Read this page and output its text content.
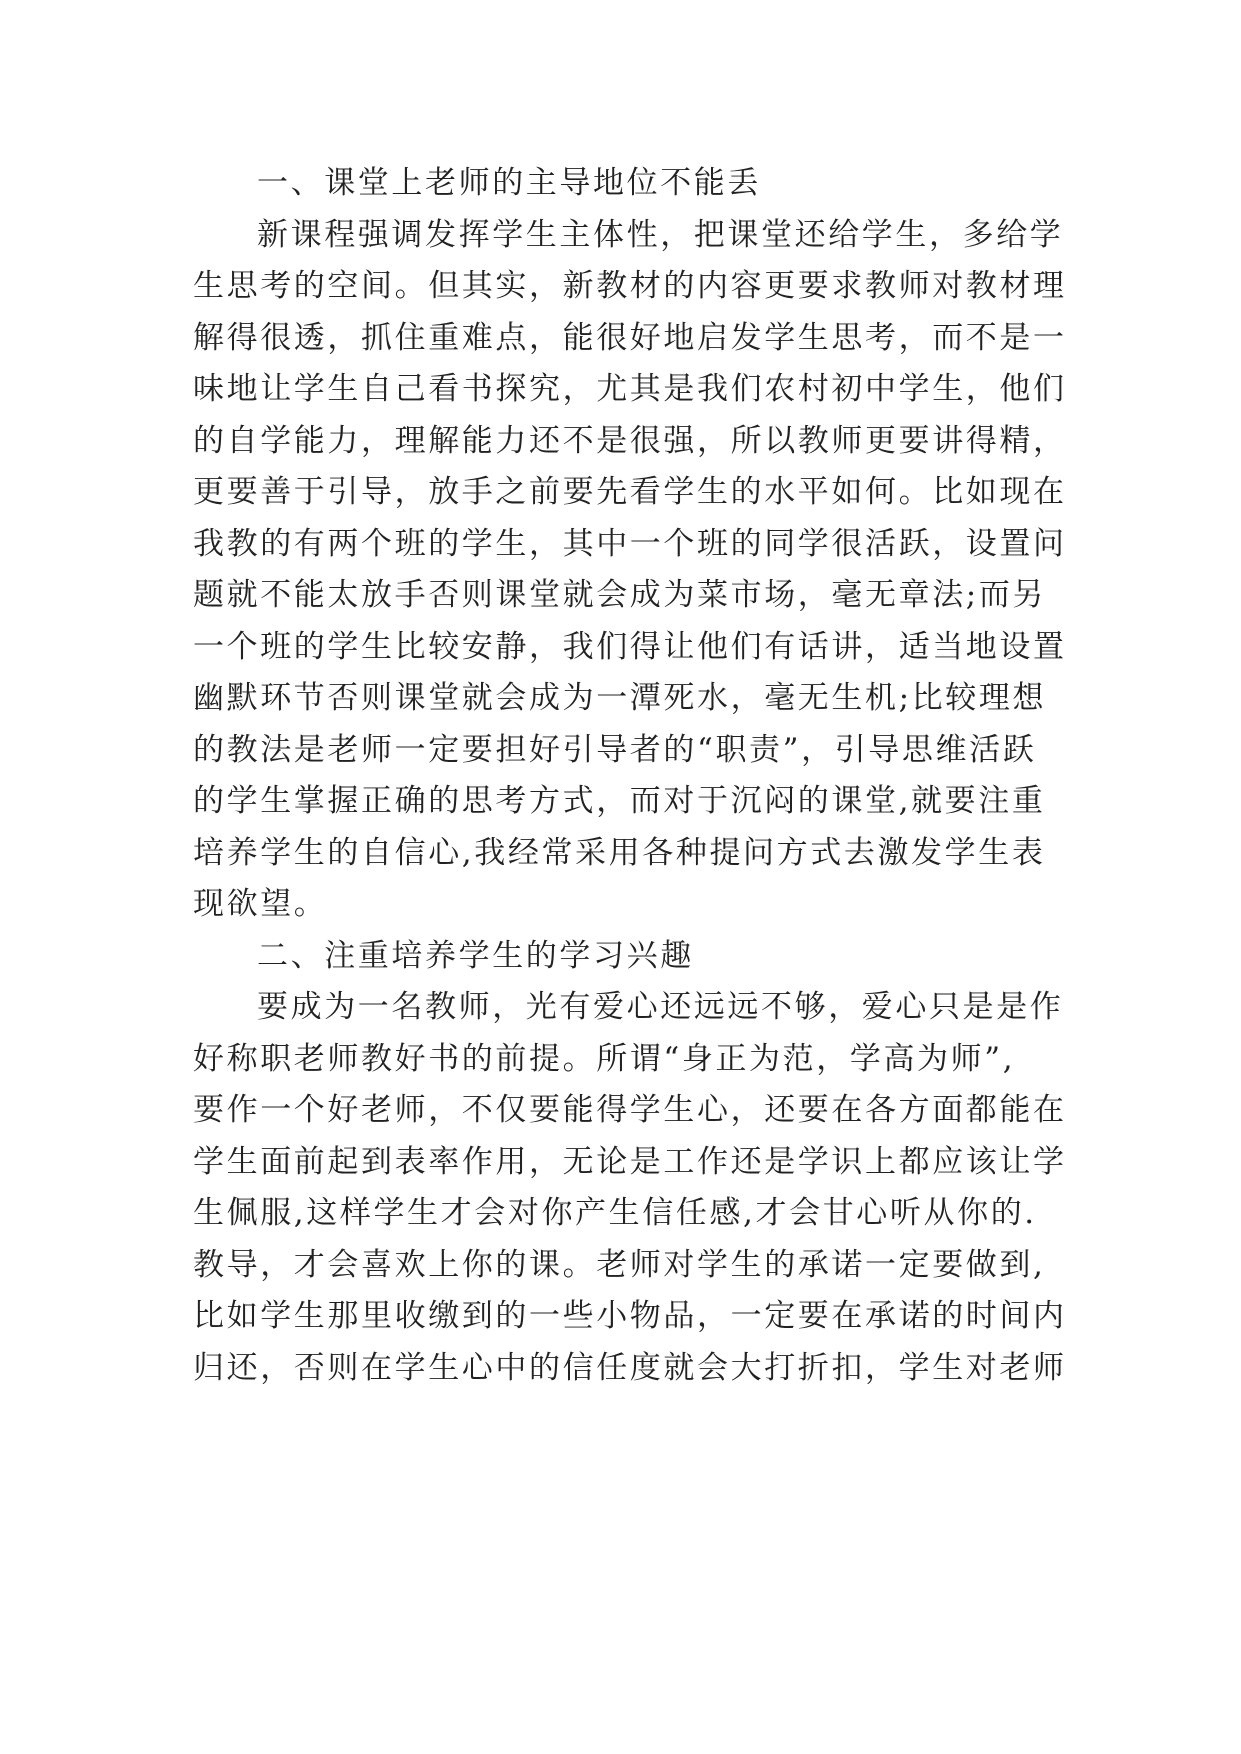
一、课堂上老师的主导地位不能丢
新课程强调发挥学生主体性，把课堂还给学生，多给学
生思考的空间。但其实，新教材的内容更要求教师对教材理
解得很透，抓住重难点，能很好地启发学生思考，而不是一
味地让学生自己看书探究，尤其是我们农村初中学生，他们
的自学能力，理解能力还不是很强，所以教师更要讲得精，
更要善于引导，放手之前要先看学生的水平如何。比如现在
我教的有两个班的学生，其中一个班的同学很活跃，设置问
题就不能太放手否则课堂就会成为菜市场，毫无章法;而另
一个班的学生比较安静，我们得让他们有话讲，适当地设置
幽默环节否则课堂就会成为一潭死水，毫无生机;比较理想
的教法是老师一定要担好引导者的“职责”，引导思维活跃
的学生掌握正确的思考方式，而对于沉闷的课堂,就要注重
培养学生的自信心,我经常采用各种提问方式去激发学生表
现欲望。
二、注重培养学生的学习兴趣
要成为一名教师，光有爱心还远远不够，爱心只是是作
好称职老师教好书的前提。所谓“身正为范，学高为师”,
要作一个好老师，不仅要能得学生心，还要在各方面都能在
学生面前起到表率作用，无论是工作还是学识上都应该让学
生佩服,这样学生才会对你产生信任感,才会甘心听从你的.
教导，才会喜欢上你的课。老师对学生的承诺一定要做到,
比如学生那里收缴到的一些小物品，一定要在承诺的时间内
归还，否则在学生心中的信任度就会大打折扣，学生对老师
